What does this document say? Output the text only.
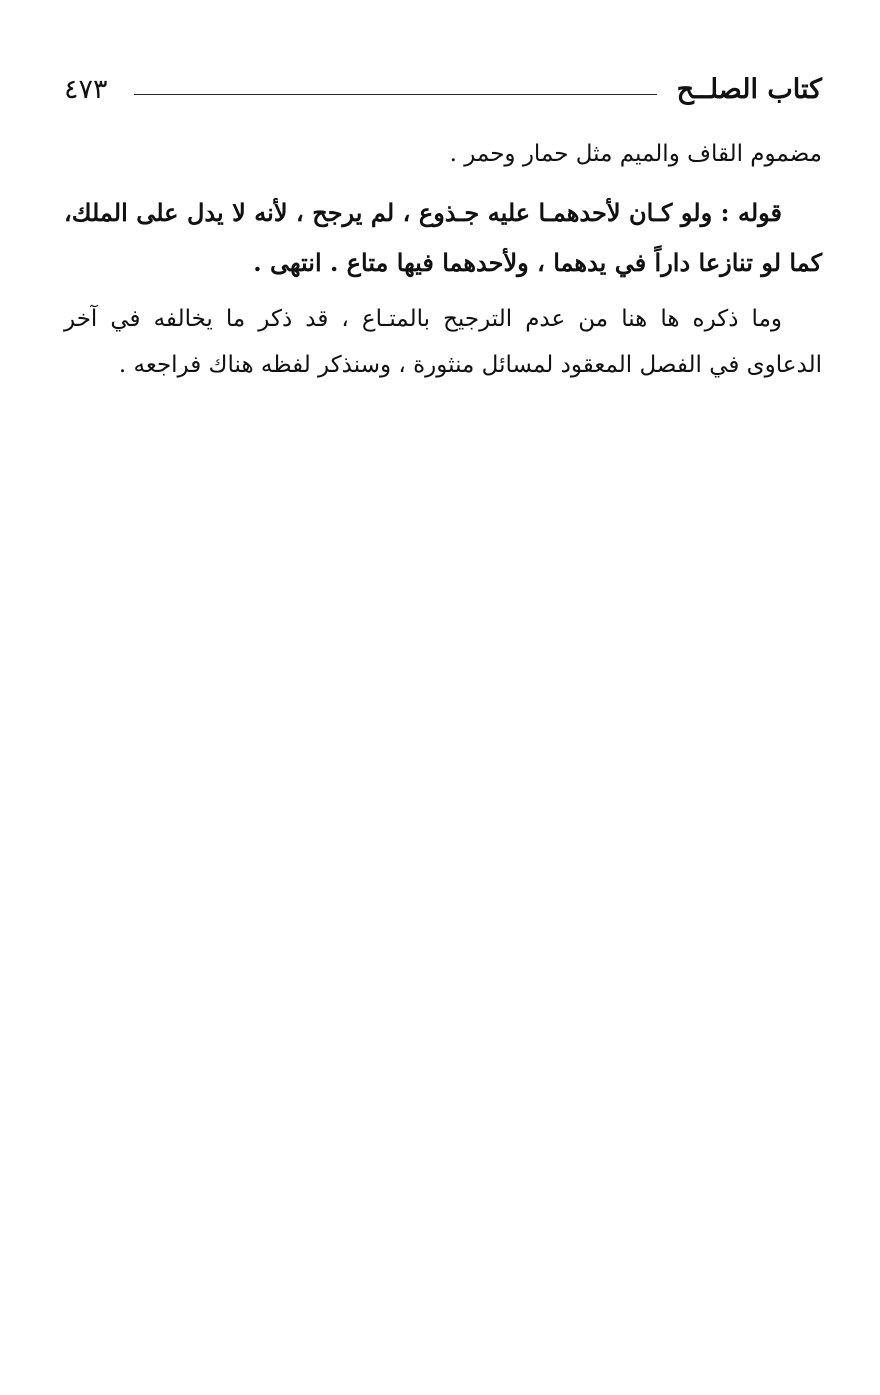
كتاب الصلــح
٤٧٣

مضموم القاف والميم مثل حمار وحمر .

قوله : ولو كـان لأحدهمـا عليه جـذوع ، لم يرجح ، لأنه لا يدل على الملك، كما لو تنازعا داراً في يدهما ، ولأحدهما فيها متاع . انتهى .

وما ذكره ها هنا من عدم الترجيح بالمتـاع ، قد ذكر ما يخالفه في آخر الدعاوى في الفصل المعقود لمسائل منثورة ، وسنذكر لفظه هناك فراجعه .
